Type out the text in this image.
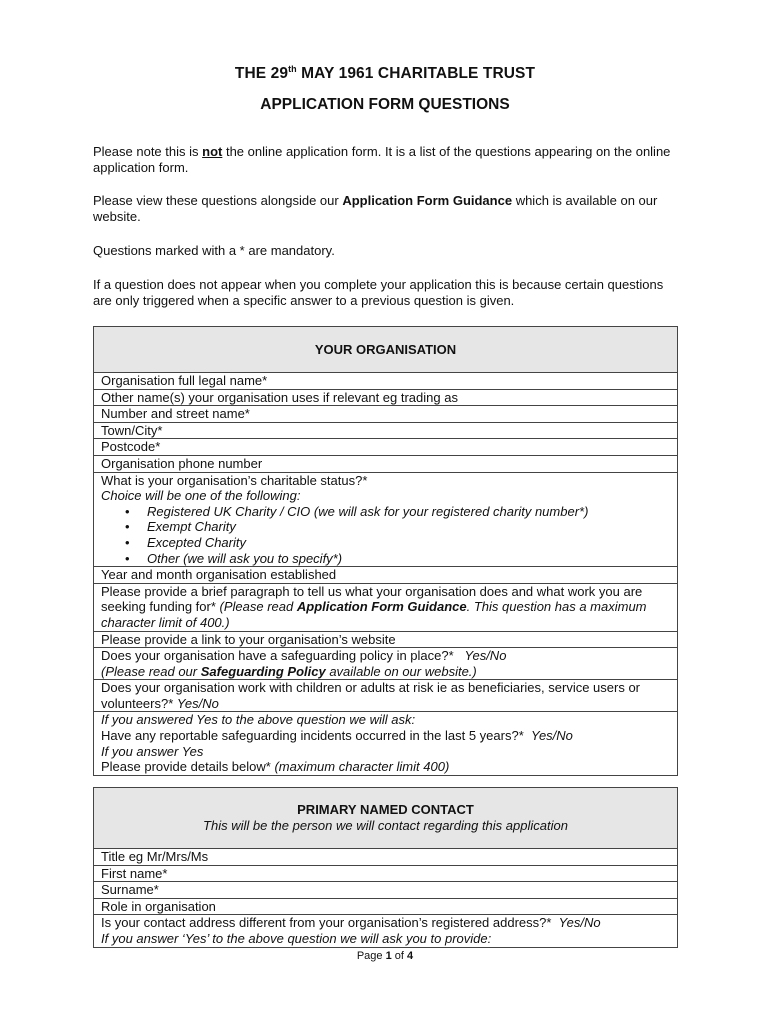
THE 29th MAY 1961 CHARITABLE TRUST
APPLICATION FORM QUESTIONS
Please note this is not the online application form. It is a list of the questions appearing on the online application form.
Please view these questions alongside our Application Form Guidance which is available on our website.
Questions marked with a * are mandatory.
If a question does not appear when you complete your application this is because certain questions are only triggered when a specific answer to a previous question is given.
YOUR ORGANISATION
Organisation full legal name*
Other name(s) your organisation uses if relevant eg trading as
Number and street name*
Town/City*
Postcode*
Organisation phone number

What is your organisation’s charitable status?*
Choice will be one of the following:
• Registered UK Charity / CIO (we will ask for your registered charity number*)
• Exempt Charity
• Excepted Charity
• Other (we will ask you to specify*)

Year and month organisation established
Please provide a brief paragraph to tell us what your organisation does and what work you are seeking funding for* (Please read Application Form Guidance. This question has a maximum character limit of 400.)
Please provide a link to your organisation’s website

Does your organisation have a safeguarding policy in place?* Yes/No
(Please read our Safeguarding Policy available on our website.)

Does your organisation work with children or adults at risk ie as beneficiaries, service users or volunteers?* Yes/No

If you answered Yes to the above question we will ask:
Have any reportable safeguarding incidents occurred in the last 5 years?* Yes/No
If you answer Yes
Please provide details below* (maximum character limit 400)
PRIMARY NAMED CONTACT
This will be the person we will contact regarding this application

Title eg Mr/Mrs/Ms
First name*
Surname*
Role in organisation

Is your contact address different from your organisation’s registered address?* Yes/No
If you answer ‘Yes’ to the above question we will ask you to provide:
Page 1 of 4
